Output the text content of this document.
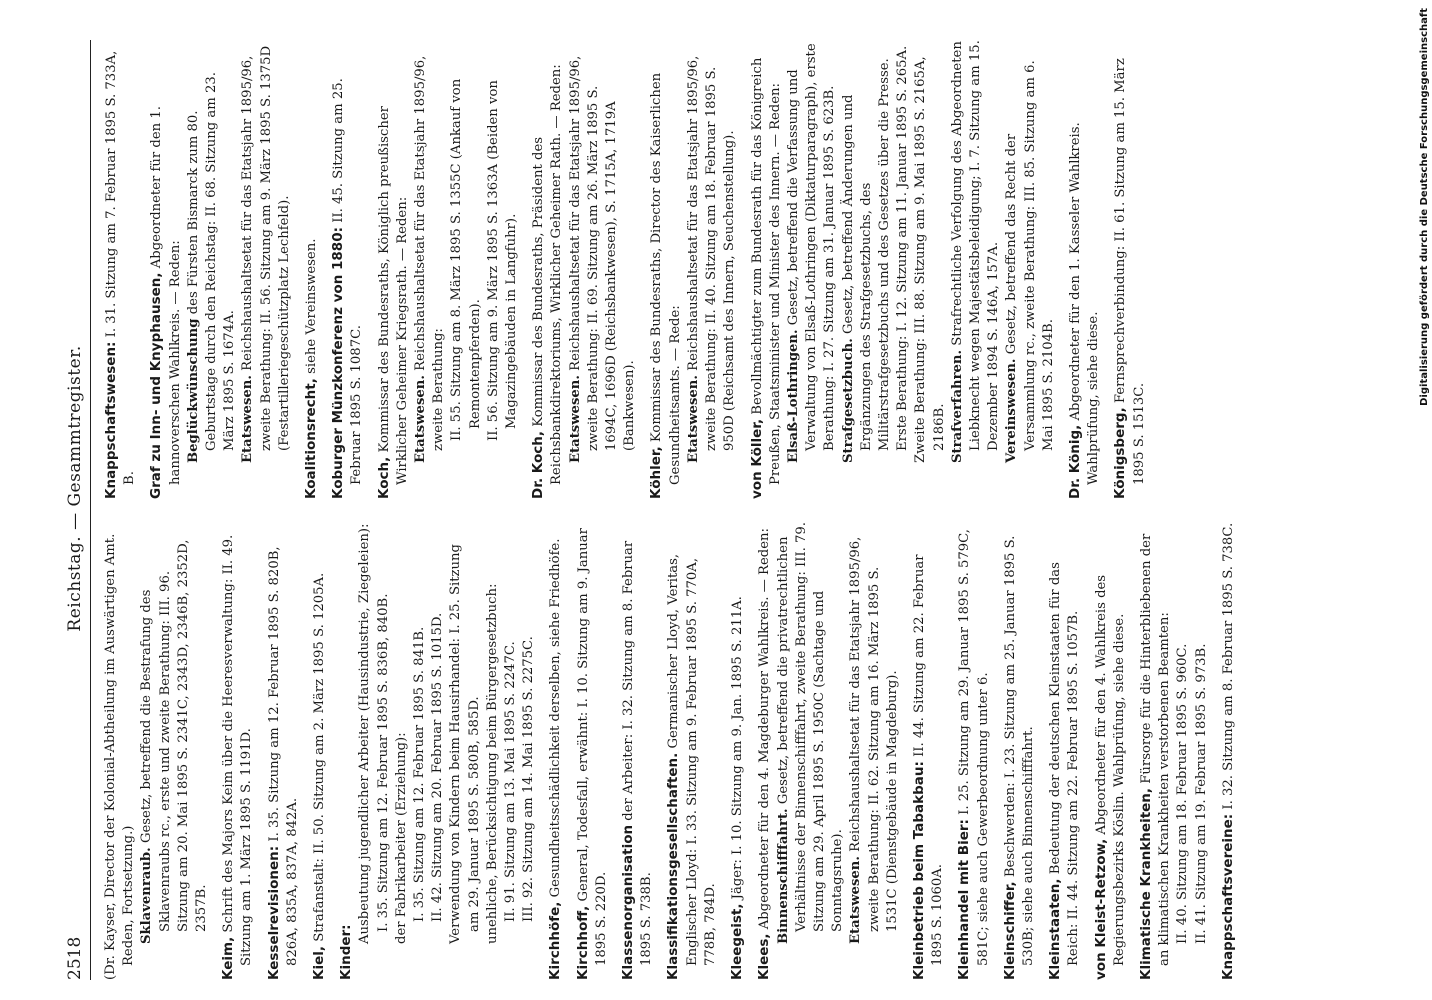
2518
Reichstag. — Gesammtregister.
(Dr. Kayser, Director der Kolonial-Abtheilung im Auswärtigen Amt. Reden, Fortsetzung.) Sklavenraub. Gesetz, betreffend die Bestrafung des Sklavenraubs rc., erste und zweite Berathung: III. 96. Sitzung am 20. Mai 1895 S. 2341C, 2343D, 2346B, 2352D, 2357B.
Keim, Schrift des Majors Keim über die Heeresverwaltung: II. 49. Sitzung am 1. März 1895 S. 1191D. Kesselrevisionen: I. 35. Sitzung am 12. Februar 1895 S. 820B, 826A, 835A, 837A, 842A. Kiel, Strafanstalt: II. 50. Sitzung am 2. März 1895 S. 1205A.
Kinder:
Ausbeutung jugendlicher Arbeiter (Hausindustrie, Ziegeleien): I. 35. Sitzung am 12. Februar 1895 S. 836B, 840B. der Fabrikarbeiter (Erziehung): I. 35. Sitzung am 12. Februar 1895 S. 841B. II. 42. Sitzung am 20. Februar 1895 S. 1015D. Verwendung von Kindern beim Hausirhandel: I. 25. Sitzung am 29. Januar 1895 S. 580B, 585D. unehliche, Berücksichtigung beim Bürgergesetzbuch: II. 91. Sitzung am 13. Mai 1895 S. 2247C. III. 92. Sitzung am 14. Mai 1895 S. 2275C.
Kirchhöfe, Gesundheitsschädlichkeit derselben, siehe Friedhöfe.
Kirchhoff, General, Todesfall, erwähnt: I. 10. Sitzung am 9. Januar 1895 S. 220D. Klassenorganisation der Arbeiter: I. 32. Sitzung am 8. Februar 1895 S. 738B. Klassifikationsgesellschaften. Germanischer Lloyd, Veritas, Englischer Lloyd: I. 33. Sitzung am 9. Februar 1895 S. 770A, 778B, 784D. Kleegeist, Jäger: I. 10. Sitzung am 9. Jan. 1895 S. 211A.
Klees, Abgeordneter für den 4. Magdeburger Wahlkreis. — Reden: Binnenschifffahrt. Gesetz, betreffend die privatrechtlichen Verhältnisse der Binnenschifffahrt, zweite Berathung: III. 79. Sitzung am 29. April 1895 S. 1950C (Sachtage und Sonntagsruhe). Etatswesen. Reichshaushaltsetat für das Etatsjahr 1895/96, zweite Berathung: II. 62. Sitzung am 16. März 1895 S. 1531C (Dienstgebäude in Magdeburg). Kleinbetrieb beim Tabakbau: II. 44. Sitzung am 22. Februar 1895 S. 1060A. Kleinhandel mit Bier: I. 25. Sitzung am 29. Januar 1895 S. 579C, 581C; siehe auch Gewerbeordnung unter 6. Kleinschiffer, Beschwerden: I. 23. Sitzung am 25. Januar 1895 S. 530B; siehe auch Binnenschifffahrt. Kleinstaaten, Bedeutung der deutschen Kleinstaaten für das Reich: II. 44. Sitzung am 22. Februar 1895 S. 1057B. von Kleist-Retzow, Abgeordneter für den 4. Wahlkreis des Regierungsbezirks Köslin. Wahlprüfung, siehe diese. Klimatische Krankheiten, Fürsorge für die Hinterbliebenen der an klimatischen Krankheiten verstorbenen Beamten: II. 40. Sitzung am 18. Februar 1895 S. 960C. II. 41. Sitzung am 19. Februar 1895 S. 973B. Knappschaftsvereine: I. 32. Sitzung am 8. Februar 1895 S. 738C.
Knappschaftswesen: I. 31. Sitzung am 7. Februar 1895 S. 733A, B. Graf zu Inn- und Knyphausen, Abgeordneter für den 1. hannoverschen Wahlkreis. — Reden: Beglückwünschung des Fürsten Bismarck zum 80. Geburtstage durch den Reichstag: II. 68. Sitzung am 23. März 1895 S. 1674A. Etatswesen. Reichshaushaltsetat für das Etatsjahr 1895/96, zweite Berathung: II. 56. Sitzung am 9. März 1895 S. 1375D (Festartilleriegeschützplatz Lechfeld). Koalitionsrecht, siehe Vereinswesen. Koburger Münzkonferenz von 1880: II. 45. Sitzung am 25. Februar 1895 S. 1087C. Koch, Kommissar des Bundesraths, Königlich preußischer Wirklicher Geheimer Kriegsrath. — Reden: Etatswesen. Reichshaushaltsetat für das Etatsjahr 1895/96, zweite Berathung: II. 55. Sitzung am 8. März 1895 S. 1355C (Ankauf von Remontenpferden). II. 56. Sitzung am 9. März 1895 S. 1363A (Beiden von Magazingebäuden in Langfuhr).
Dr. Koch, Kommissar des Bundesraths, Präsident des Reichsbankdirektoriums, Wirklicher Geheimer Rath. — Reden: Etatswesen. Reichshaushaltsetat für das Etatsjahr 1895/96, zweite Berathung: II. 69. Sitzung am 26. März 1895 S. 1694C, 1696D (Reichsbankwesen), S. 1715A, 1719A (Bankwesen).
Köhler, Kommissar des Bundesraths, Director des Kaiserlichen Gesundheitsamts. — Rede: Etatswesen. Reichshaushaltsetat für das Etatsjahr 1895/96, zweite Berathung: II. 40. Sitzung am 18. Februar 1895 S. 950D (Reichsamt des Innern, Seuchenstellung).
von Köller, Bevollmächtigter zum Bundesrath für das Königreich Preußen, Staatsminister und Minister des Innern. — Reden: Elsaß-Lothringen. Gesetz, betreffend die Verfassung und Verwaltung von Elsaß-Lothringen (Diktaturparagraph), erste Berathung: I. 27. Sitzung am 31. Januar 1895 S. 623B. Strafgesetzbuch. Gesetz, betreffend Änderungen und Ergänzungen des Strafgesetzbuchs, des Militärstrafgesetzbuchs und des Gesetzes über die Presse. Erste Berathung: I. 12. Sitzung am 11. Januar 1895 S. 265A. Zweite Berathung: III. 88. Sitzung am 9. Mai 1895 S. 2165A, 2186B. Strafverfahren. Strafrechtliche Verfolgung des Abgeordneten Liebknecht wegen Majestätsbeleidigung; I. 7. Sitzung am 15. Dezember 1894 S. 146A, 157A. Vereinswesen. Gesetz, betreffend das Recht der Versammlung rc., zweite Berathung: III. 85. Sitzung am 6. Mai 1895 S. 2104B.
Dr. König, Abgeordneter für den 1. Kasseler Wahlkreis. Wahlprüfung, siehe diese. Königsberg, Fernsprechverbindung: II. 61. Sitzung am 15. März 1895 S. 1513C.
Digitalisierung gefördert durch die Deutsche Forschungsgemeinschaft
